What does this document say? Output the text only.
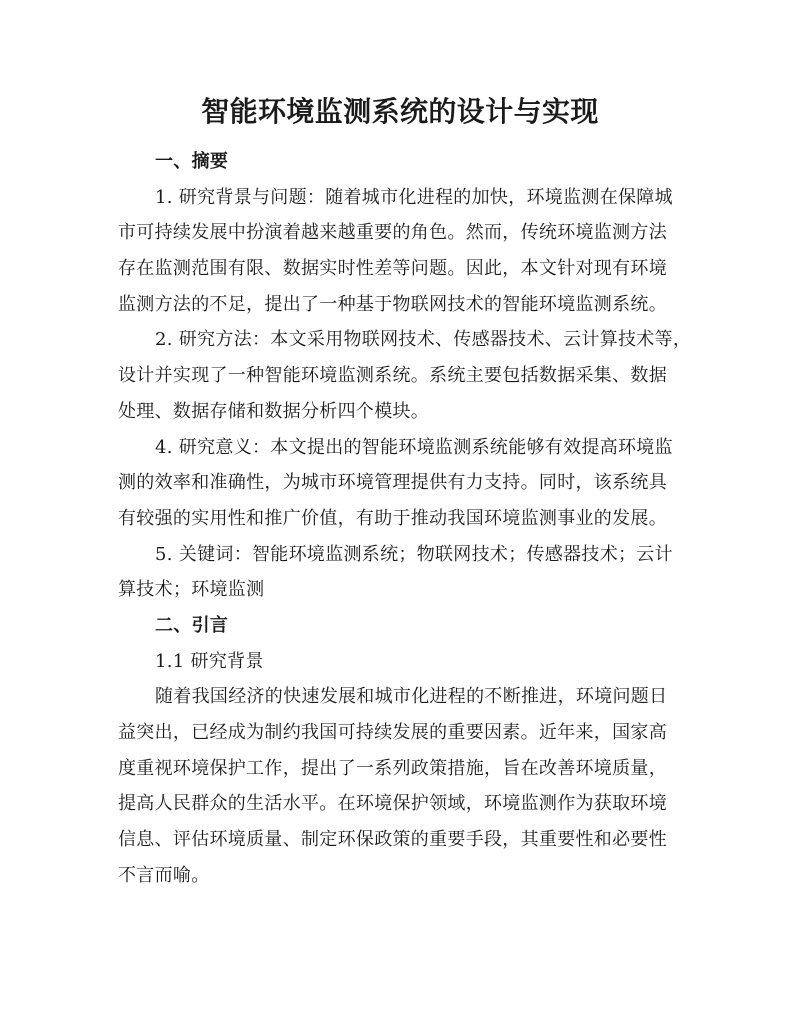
智能环境监测系统的设计与实现
一、摘要
1. 研究背景与问题：随着城市化进程的加快，环境监测在保障城
市可持续发展中扮演着越来越重要的角色。然而，传统环境监测方法
存在监测范围有限、数据实时性差等问题。因此，本文针对现有环境
监测方法的不足，提出了一种基于物联网技术的智能环境监测系统。
2. 研究方法：本文采用物联网技术、传感器技术、云计算技术等，
设计并实现了一种智能环境监测系统。系统主要包括数据采集、数据
处理、数据存储和数据分析四个模块。
4. 研究意义：本文提出的智能环境监测系统能够有效提高环境监
测的效率和准确性，为城市环境管理提供有力支持。同时，该系统具
有较强的实用性和推广价值，有助于推动我国环境监测事业的发展。
5. 关键词：智能环境监测系统；物联网技术；传感器技术；云计
算技术；环境监测
二、引言
1.1 研究背景
随着我国经济的快速发展和城市化进程的不断推进，环境问题日
益突出，已经成为制约我国可持续发展的重要因素。近年来，国家高
度重视环境保护工作，提出了一系列政策措施，旨在改善环境质量，
提高人民群众的生活水平。在环境保护领域，环境监测作为获取环境
信息、评估环境质量、制定环保政策的重要手段，其重要性和必要性
不言而喻。
